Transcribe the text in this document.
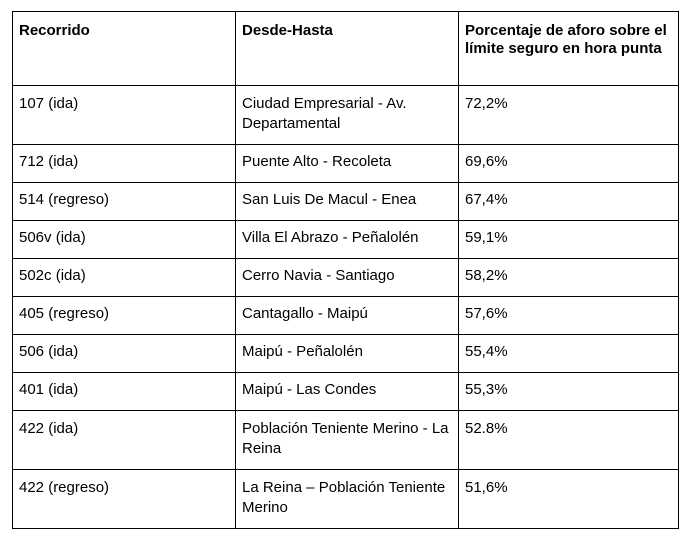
Recorrido	Desde-Hasta	Porcentaje de aforo sobre el límite seguro en hora punta
107 (ida)	Ciudad Empresarial - Av. Departamental	72,2%
712 (ida)	Puente Alto - Recoleta	69,6%
514 (regreso)	San Luis De Macul - Enea	67,4%
506v (ida)	Villa El Abrazo - Peñalolén	59,1%
502c (ida)	Cerro Navia - Santiago	58,2%
405 (regreso)	Cantagallo - Maipú	57,6%
506 (ida)	Maipú - Peñalolén	55,4%
401 (ida)	Maipú - Las Condes	55,3%
422 (ida)	Población Teniente Merino - La Reina	52.8%
422 (regreso)	La Reina – Población Teniente Merino	51,6%
